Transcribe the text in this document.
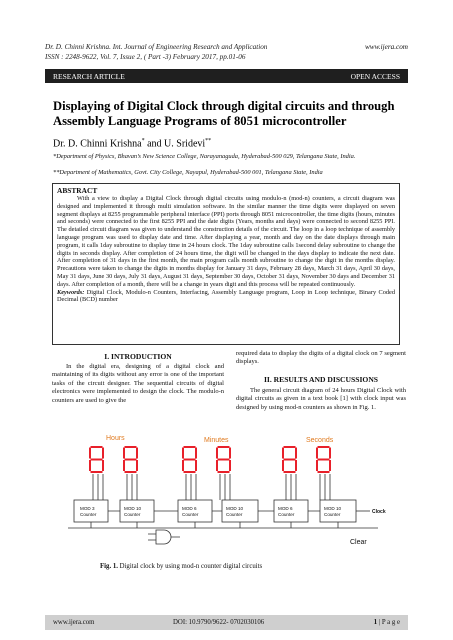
Dr. D. Chinni Krishna. Int. Journal of Engineering Research and Application
ISSN : 2248-9622, Vol. 7, Issue 2, ( Part -3) February 2017, pp.01-06
www.ijera.com
RESEARCH ARTICLE	OPEN ACCESS
Displaying of Digital Clock through digital circuits and through Assembly Language Programs of 8051 microcontroller
Dr. D. Chinni Krishna* and U. Sridevi**
*Department of Physics, Bhavan’s New Science College, Narayanaguda, Hyderabad-500 029, Telangana State, India.
**Department of Mathematics, Govt. City College, Nayapul, Hyderabad-500 001, Telangana State, India

ABSTRACT

With a view to display a Digital Clock through digital circuits using modulo-n (mod-n) counters, a circuit diagram was designed and implemented it through multi simulation software. In the similar manner the time digits were displayed on seven segment displays at 8255 programmable peripheral interface (PPI) ports through 8051 microcontroller, the time digits (hours, minutes and seconds) were connected to the first 8255 PPI and the date digits (Years, months and days) were connected to second 8255 PPI. The detailed circuit diagram was given to understand the construction details of the circuit. The loop in a loop technique of assembly language program was used to display date and time. After displaying a year, month and day on the date displays through main program, it calls 1day subroutine to display time in 24 hours clock. The 1day subroutine calls 1second delay subroutine to change the digits in seconds display. After completion of 24 hours time, the digit will be changed in the days display to indicate the next date. After completion of 31 days in the first month, the main program calls month subroutine to change the digit in the months display. Precautions were taken to change the digits in months display for January 31 days, February 28 days, March 31 days, April 30 days, May 31 days, June 30 days, July 31 days, August 31 days, September 30 days, October 31 days, November 30 days and December 31 days. After completion of a month, there will be a change in years digit and this process will be repeated continuously.

Keywords: Digital Clock, Modulo-n Counters, Interfacing, Assembly Language program, Loop in Loop technique, Binary Coded Decimal (BCD) number

I. INTRODUCTION
In the digital era, designing of a digital clock and maintaining of its digits without any error is one of the important tasks of the circuit designer. The sequential circuits of digital electronics were implemented to design the clock. The modulo-n counters are used to give the
required data to display the digits of a digital clock on 7 segment displays.
II. RESULTS AND DISCUSSIONS
The general circuit diagram of 24 hours Digital Clock with digital circuits as given in a text book [1] with clock input was designed by using mod-n counters as shown in Fig. 1.
Hours	Minutes	Seconds
MOD 3 Counter
MOD 10 Counter
MOD 6 Counter
MOD 10 Counter
MOD 6 Counter
MOD 10 Counter	Clock
Clear
Fig. 1. Digital clock by using mod-n counter digital circuits
www.ijera.com	DOI: 10.9790/9622- 0702030106	1 | P a g e
